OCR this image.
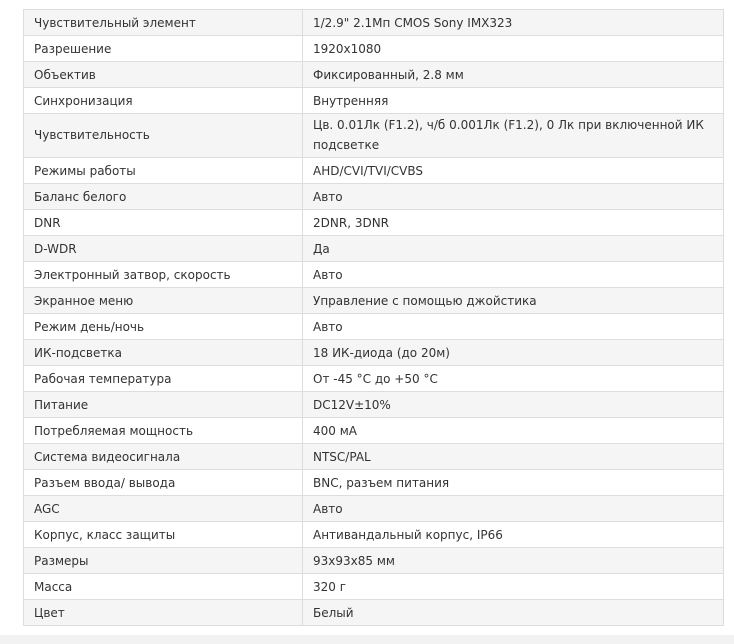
Чувствительный элемент	1/2.9" 2.1Мп CMOS Sony IMX323
Разрешение	1920x1080
Объектив	Фиксированный, 2.8 мм
Синхронизация	Внутренняя
Чувствительность	Цв. 0.01Лк (F1.2), ч/б 0.001Лк (F1.2), 0 Лк при включенной ИК подсветке
Режимы работы	AHD/CVI/TVI/CVBS
Баланс белого	Авто
DNR	2DNR, 3DNR
D-WDR	Да
Электронный затвор, скорость	Авто
Экранное меню	Управление с помощью джойстика
Режим день/ночь	Авто
ИК-подсветка	18 ИК-диода (до 20м)
Рабочая температура	От -45 °С до +50 °С
Питание	DC12V±10%
Потребляемая мощность	400 мА
Система видеосигнала	NTSC/PAL
Разъем ввода/ вывода	BNC, разъем питания
AGC	Авто
Корпус, класс защиты	Антивандальный корпус, IP66
Размеры	93x93x85 мм
Масса	320 г
Цвет	Белый
